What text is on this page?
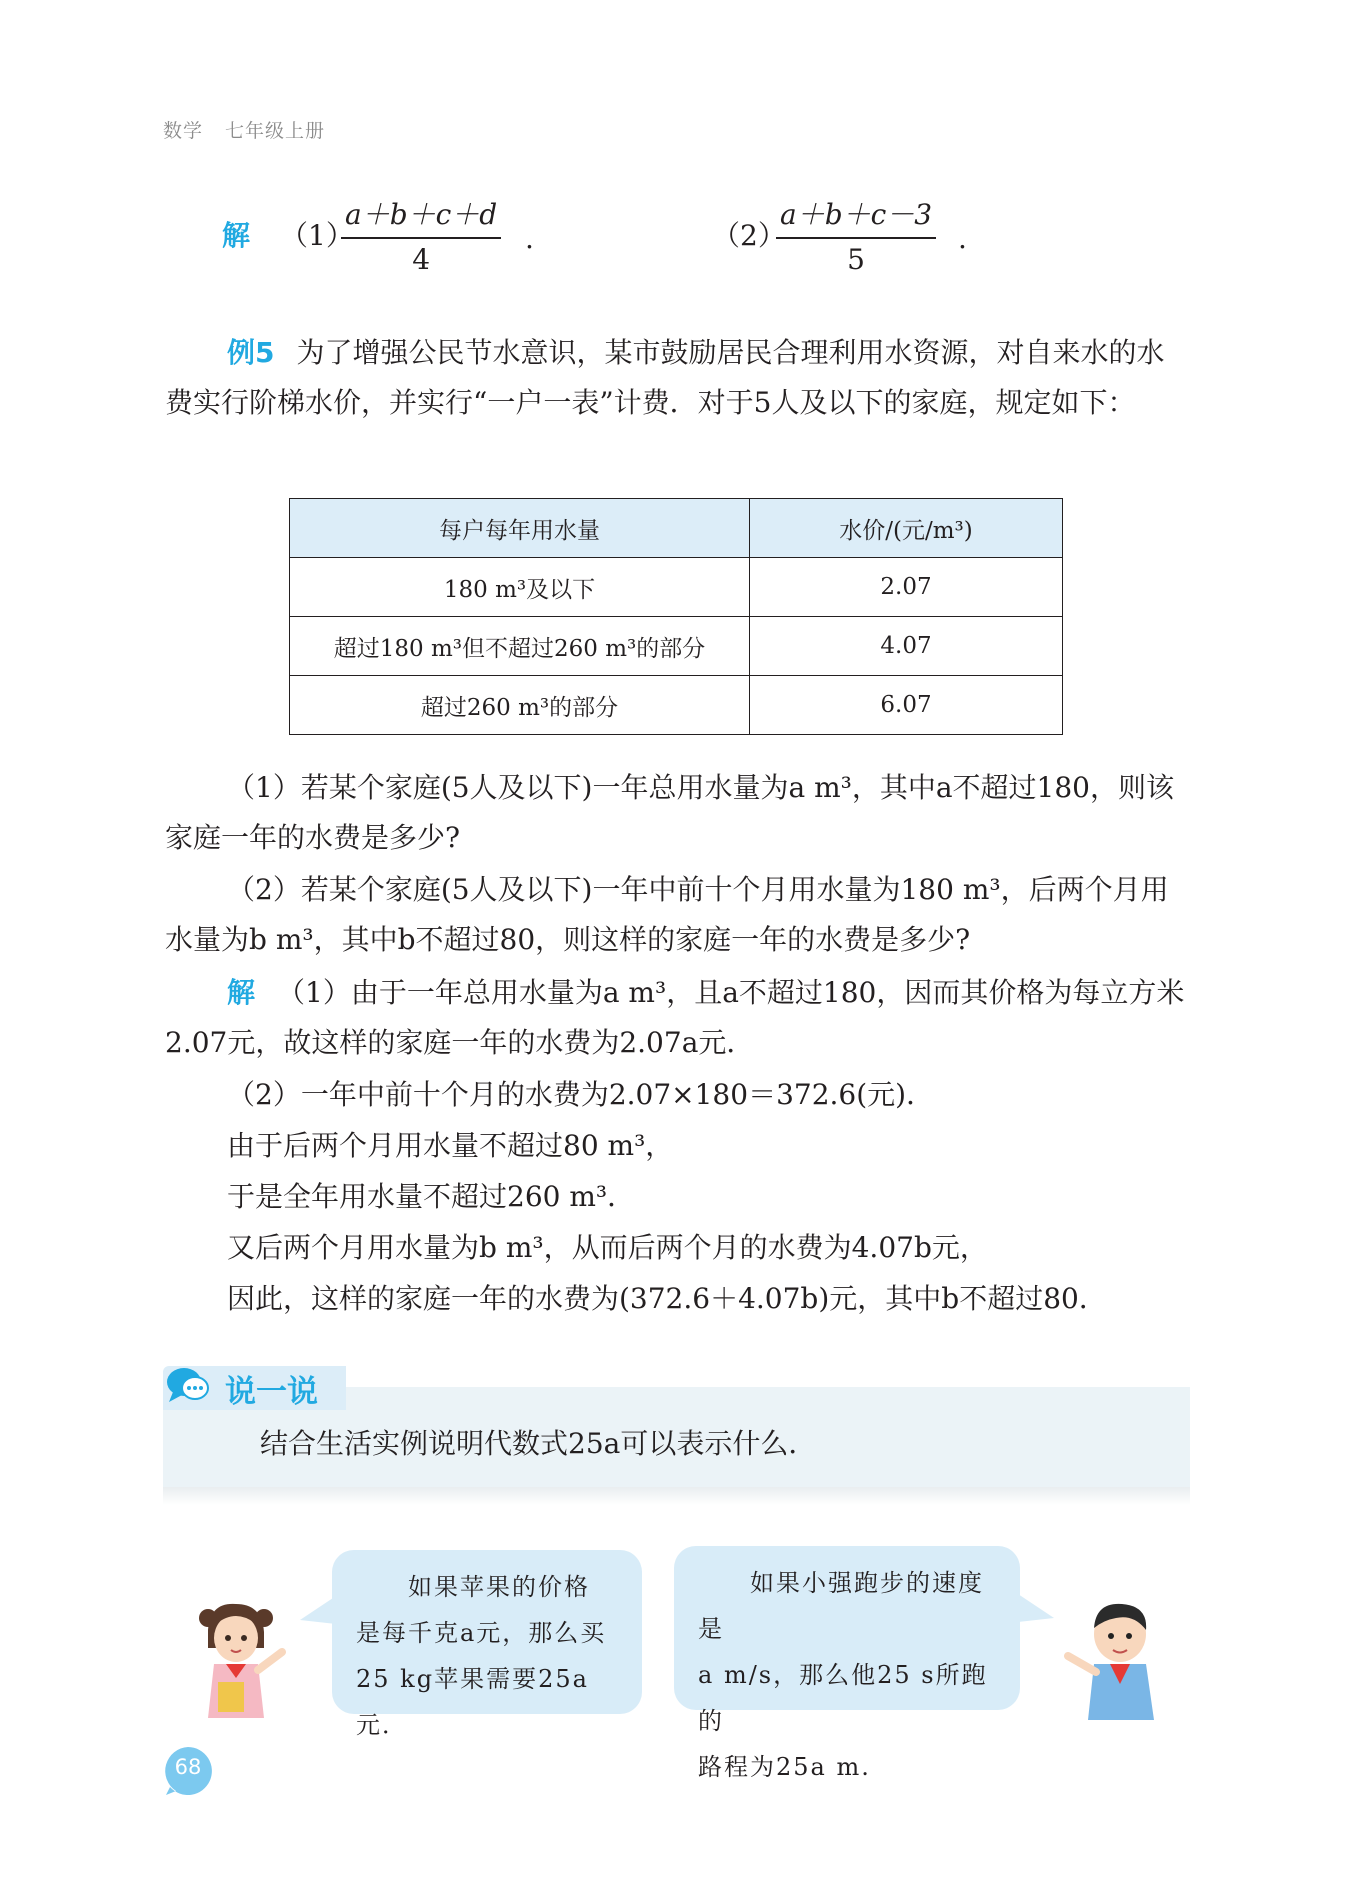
数学 七年级上册
解 （1）
a＋b＋c＋d
4
.	（2）
a＋b＋c－3
5
.
例5 为了增强公民节水意识，某市鼓励居民合理利用水资源，对自来水的水费实行阶梯水价，并实行“一户一表”计费．对于5人及以下的家庭，规定如下：
每户每年用水量	水价/(元/m³)
180 m³及以下	2.07
超过180 m³但不超过260 m³的部分	4.07
超过260 m³的部分	6.07
（1）若某个家庭(5人及以下)一年总用水量为a m³，其中a不超过180，则该家庭一年的水费是多少?
（2）若某个家庭(5人及以下)一年中前十个月用水量为180 m³，后两个月用水量为b m³，其中b不超过80，则这样的家庭一年的水费是多少?
解 （1）由于一年总用水量为a m³，且a不超过180，因而其价格为每立方米2.07元，故这样的家庭一年的水费为2.07a元．
（2）一年中前十个月的水费为2.07×180＝372.6(元)．
由于后两个月用水量不超过80 m³，
于是全年用水量不超过260 m³．
又后两个月用水量为b m³，从而后两个月的水费为4.07b元，
因此，这样的家庭一年的水费为(372.6＋4.07b)元，其中b不超过80．
说一说
结合生活实例说明代数式25a可以表示什么．
如果苹果的价格
是每千克a元，那么买
25 kg苹果需要25a元．
如果小强跑步的速度是
a m/s，那么他25 s所跑的
路程为25a m.
68
